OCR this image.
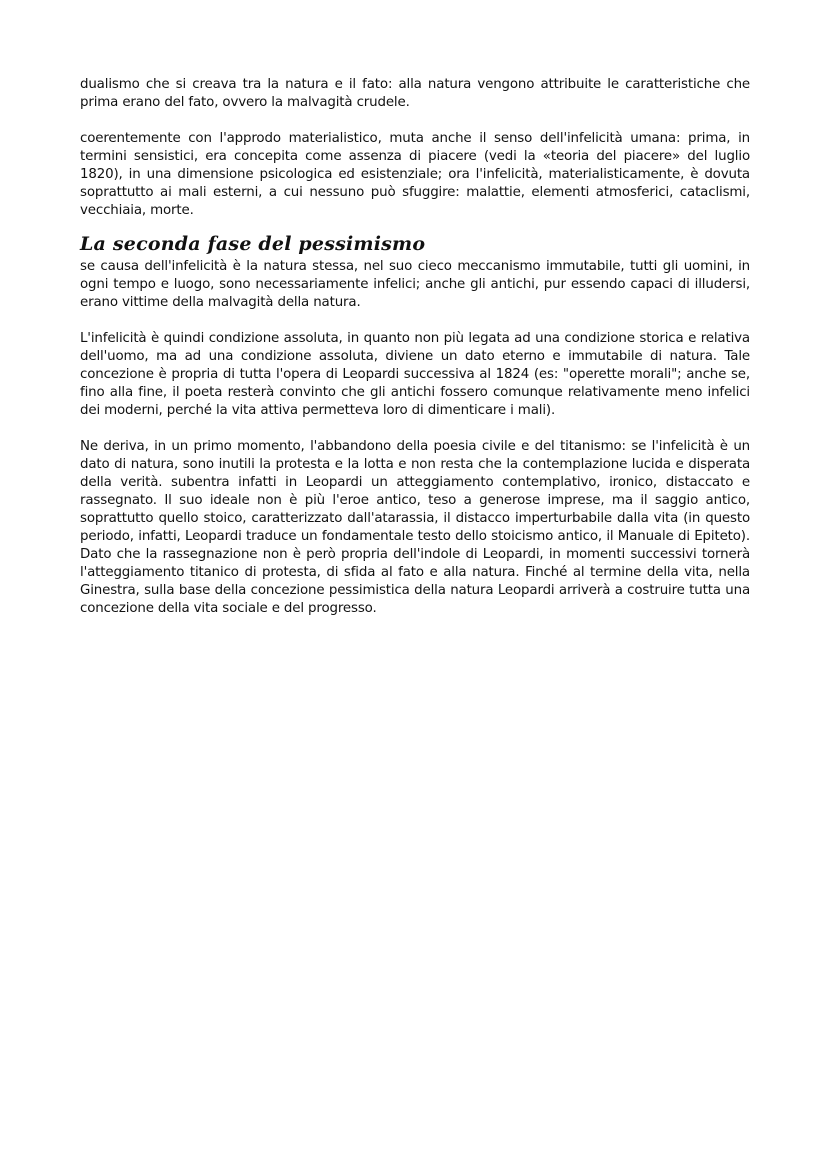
dualismo che si creava tra la natura e il fato: alla natura vengono attribuite le caratteristiche che prima erano del fato, ovvero la malvagità crudele.

coerentemente con l'approdo materialistico, muta anche il senso dell'infelicità umana: prima, in termini sensistici, era concepita come assenza di piacere (vedi la «teoria del piacere» del luglio 1820), in una dimensione psicologica ed esistenziale; ora l'infelicità, materialisticamente, è dovuta soprattutto ai mali esterni, a cui nessuno può sfuggire: malattie, elementi atmosferici, cataclismi, vecchiaia, morte.

La seconda fase del pessimismo

se causa dell'infelicità è la natura stessa, nel suo cieco meccanismo immutabile, tutti gli uomini, in ogni tempo e luogo, sono necessariamente infelici; anche gli antichi, pur essendo capaci di illudersi, erano vittime della malvagità della natura.

L'infelicità è quindi condizione assoluta, in quanto non più legata ad una condizione storica e relativa dell'uomo, ma ad una condizione assoluta, diviene un dato eterno e immutabile di natura. Tale concezione è propria di tutta l'opera di Leopardi successiva al 1824 (es: "operette morali"; anche se, fino alla fine, il poeta resterà convinto che gli antichi fossero comunque relativamente meno infelici dei moderni, perché la vita attiva permetteva loro di dimenticare i mali).

Ne deriva, in un primo momento, l'abbandono della poesia civile e del titanismo: se l'infelicità è un dato di natura, sono inutili la protesta e la lotta e non resta che la contemplazione lucida e disperata della verità. subentra infatti in Leopardi un atteggiamento contemplativo, ironico, distaccato e rassegnato. Il suo ideale non è più l'eroe antico, teso a generose imprese, ma il saggio antico, soprattutto quello stoico, caratterizzato dall'atarassia, il distacco imperturbabile dalla vita (in questo periodo, infatti, Leopardi traduce un fondamentale testo dello stoicismo antico, il Manuale di Epiteto). Dato che la rassegnazione non è però propria dell'indole di Leopardi, in momenti successivi tornerà l'atteggiamento titanico di protesta, di sfida al fato e alla natura. Finché al termine della vita, nella Ginestra, sulla base della concezione pessimistica della natura Leopardi arriverà a costruire tutta una concezione della vita sociale e del progresso.
